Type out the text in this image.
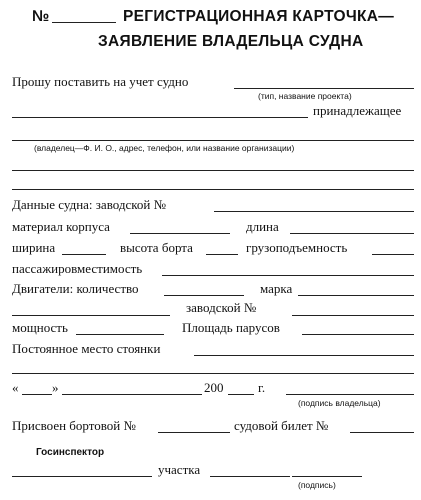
№	РЕГИСТРАЦИОННАЯ КАРТОЧКА—
ЗАЯВЛЕНИЕ ВЛАДЕЛЬЦА СУДНА
Прошу поставить на учет судно
(тип, название проекта)
принадлежащее
(владелец—Ф. И. О., адрес, телефон, или название организации)
Данные судна: заводской №
материал корпуса	длина
ширина	высота борта	грузоподъемность
пассажировместимость
Двигатели: количество	марка
заводской №
мощность	Площадь парусов
Постоянное место стоянки
«	»	200	г.
(подпись владельца)
Присвоен бортовой №	судовой билет №
Госинспектор
участка
(подпись)
